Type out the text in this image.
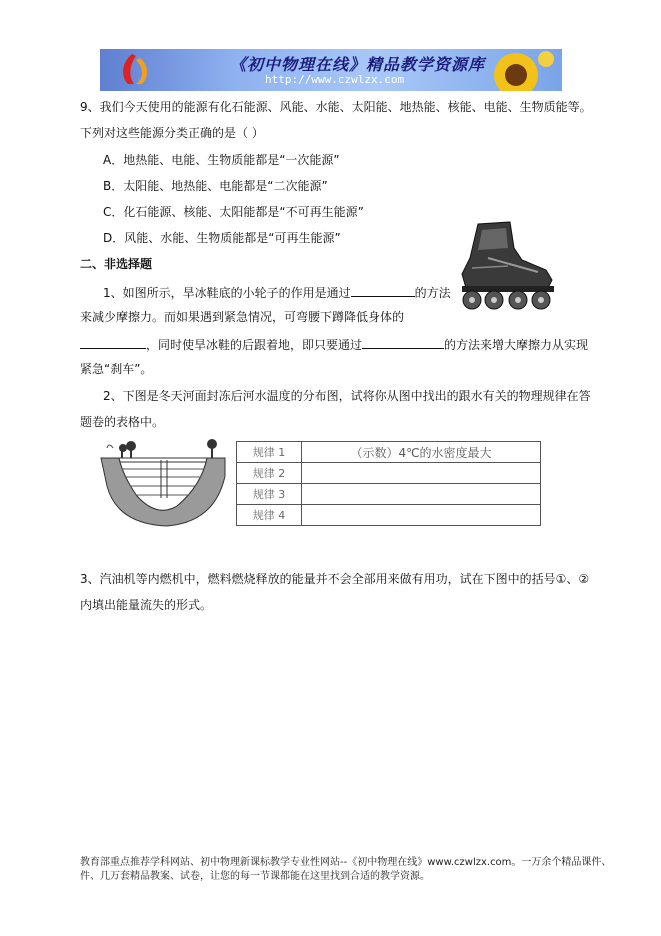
《初中物理在线》精品教学资源库
http://www.czwlzx.com
9、我们今天使用的能源有化石能源、风能、水能、太阳能、地热能、核能、电能、生物质能等。
下列对这些能源分类正确的是（ ）
A．地热能、电能、生物质能都是“一次能源”
B．太阳能、地热能、电能都是“二次能源”
C．化石能源、核能、太阳能都是“不可再生能源”
D．风能、水能、生物质能都是“可再生能源”
二、非选择题
1、如图所示，旱冰鞋底的小轮子的作用是通过	的方法
来减少摩擦力。而如果遇到紧急情况，可弯腰下蹲降低身体的
，同时使旱冰鞋的后跟着地，即只要通过	的方法来增大摩擦力从实现
紧急“刹车”。
2、下图是冬天河面封冻后河水温度的分布图，试将你从图中找出的跟水有关的物理规律在答
题卷的表格中。
规律 1	（示数）4℃的水密度最大
规律 2	
规律 3	
规律 4	
3、汽油机等内燃机中，燃料燃烧释放的能量并不会全部用来做有用功，试在下图中的括号①、②
内填出能量流失的形式。
教育部重点推荐学科网站、初中物理新课标教学专业性网站--《初中物理在线》www.czwlzx.com。一万余个精品课件、
件、几万套精品教案、试卷，让您的每一节课都能在这里找到合适的教学资源。
